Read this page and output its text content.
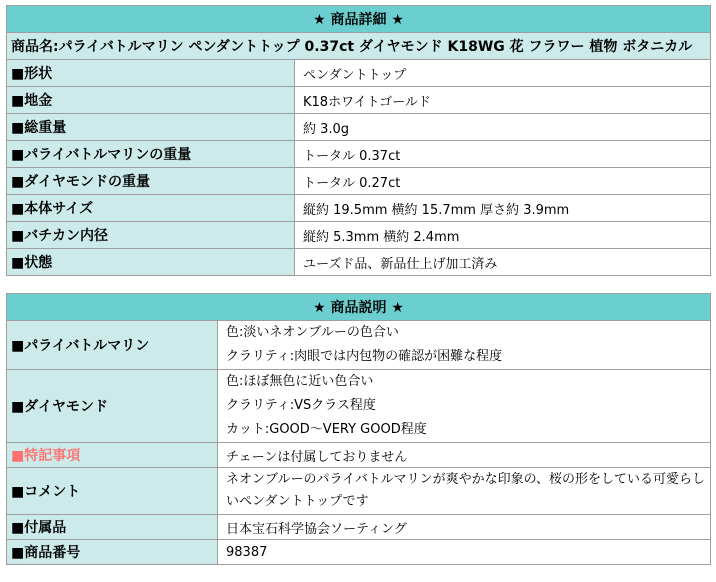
★ 商品詳細 ★	
商品名:パライバトルマリン ペンダントトップ 0.37ct ダイヤモンド K18WG 花 フラワー 植物 ボタニカル	
■形状	ペンダントトップ
■地金	K18ホワイトゴールド
■総重量	約 3.0g
■パライバトルマリンの重量	トータル 0.37ct
■ダイヤモンドの重量	トータル 0.27ct
■本体サイズ	縦約 19.5mm 横約 15.7mm 厚さ約 3.9mm
■バチカン内径	縦約 5.3mm 横約 2.4mm
■状態	ユーズド品、新品仕上げ加工済み
★ 商品説明 ★	
■パライバトルマリン	色:淡いネオンブルーの色合い
クラリティ:肉眼では内包物の確認が困難な程度

■ダイヤモンド	色:ほぼ無色に近い色合い
クラリティ:VSクラス程度
カット:GOOD〜VERY GOOD程度

■特記事項	チェーンは付属しておりません
■コメント	ネオンブルーのパライバトルマリンが爽やかな印象の、桜の形をしている可愛らしいペンダントトップです
■付属品	日本宝石科学協会ソーティング
■商品番号	98387
